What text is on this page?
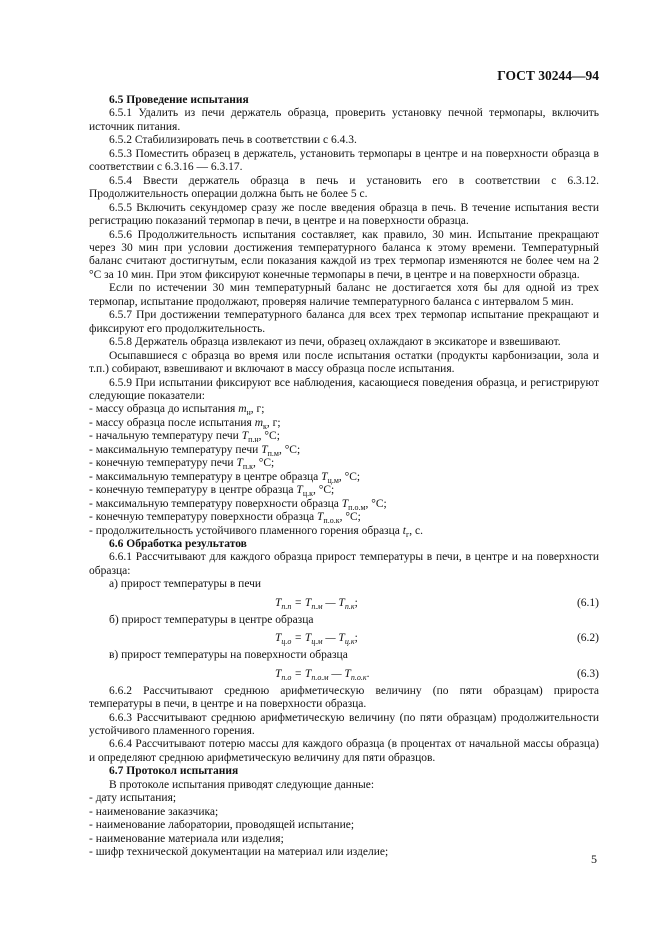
ГОСТ 30244—94

6.5 Проведение испытания

6.5.1 Удалить из печи держатель образца, проверить установку печной термопары, включить источник питания.

6.5.2 Стабилизировать печь в соответствии с 6.4.3.

6.5.3 Поместить образец в держатель, установить термопары в центре и на поверхности образца в соответствии с 6.3.16 — 6.3.17.

6.5.4 Ввести держатель образца в печь и установить его в соответствии с 6.3.12. Продолжительность операции должна быть не более 5 с.

6.5.5 Включить секундомер сразу же после введения образца в печь. В течение испытания вести регистрацию показаний термопар в печи, в центре и на поверхности образца.

6.5.6 Продолжительность испытания составляет, как правило, 30 мин. Испытание прекращают через 30 мин при условии достижения температурного баланса к этому времени. Температурный баланс считают достигнутым, если показания каждой из трех термопар изменяются не более чем на 2 °С за 10 мин. При этом фиксируют конечные термопары в печи, в центре и на поверхности образца.

Если по истечении 30 мин температурный баланс не достигается хотя бы для одной из трех термопар, испытание продолжают, проверяя наличие температурного баланса с интервалом 5 мин.

6.5.7 При достижении температурного баланса для всех трех термопар испытание прекращают и фиксируют его продолжительность.

6.5.8 Держатель образца извлекают из печи, образец охлаждают в эксикаторе и взвешивают.

Осыпавшиеся с образца во время или после испытания остатки (продукты карбонизации, зола и т.п.) собирают, взвешивают и включают в массу образца после испытания.

6.5.9 При испытании фиксируют все наблюдения, касающиеся поведения образца, и регистрируют следующие показатели:

- массу образца до испытания $m_н$, г;

- массу образца после испытания $m_к$, г;

- начальную температуру печи $T_{п.н}$, °С;

- максимальную температуру печи $T_{п.м}$, °С;

- конечную температуру печи $T_{п.к}$, °С;

- максимальную температуру в центре образца $T_{ц.м}$, °С;

- конечную температуру в центре образца $T_{ц.к}$, °С;

- максимальную температуру поверхности образца $T_{п.о.м}$, °С;

- конечную температуру поверхности образца $T_{п.о.к}$, °С;

- продолжительность устойчивого пламенного горения образца $t_г$, с.

6.6 Обработка результатов

6.6.1 Рассчитывают для каждого образца прирост температуры в печи, в центре и на поверхности образца:

а) прирост температуры в печи

$T_{п.п} = T_{п.м}$ — $T_{п.к}$;	(6.1)

б) прирост температуры в центре образца

$T_{ц.о} = T_{ц.м}$ — $T_{ц.к}$;	(6.2)

в) прирост температуры на поверхности образца

$T_{п.о} = T_{п.о.м}$ — $T_{п.о.к}$.	(6.3)

6.6.2 Рассчитывают среднюю арифметическую величину (по пяти образцам) прироста температуры в печи, в центре и на поверхности образца.

6.6.3 Рассчитывают среднюю арифметическую величину (по пяти образцам) продолжительности устойчивого пламенного горения.

6.6.4 Рассчитывают потерю массы для каждого образца (в процентах от начальной массы образца) и определяют среднюю арифметическую величину для пяти образцов.

6.7 Протокол испытания

В протоколе испытания приводят следующие данные:

- дату испытания;

- наименование заказчика;

- наименование лаборатории, проводящей испытание;

- наименование материала или изделия;

- шифр технической документации на материал или изделие;	5
